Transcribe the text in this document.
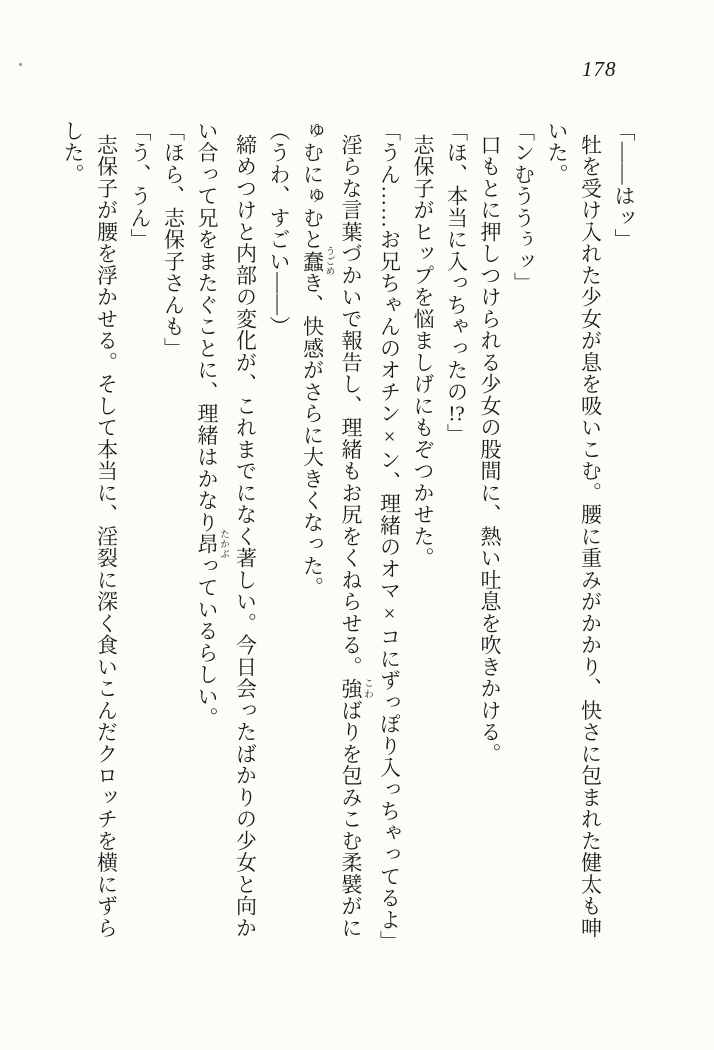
178

「——はッ」

牡を受け入れた少女が息を吸いこむ。腰に重みがかかり、快さに包まれた健太も呻

いた。

「ンむううぅッ」

口もとに押しつけられる少女の股間に、熱い吐息を吹きかける。

「ほ、本当に入っちゃったの!?」

志保子がヒップを悩ましげにもぞつかせた。

「うん……お兄ちゃんのオチン×ン、理緒のオマ×コにずっぽり入っちゃってるよ」

淫らな言葉づかいで報告し、理緒もお尻をくねらせる。強 こわばりを包みこむ柔襞がに

ゅむにゅむと蠢 うごめき、快感がさらに大きくなった。

（うわ、すごい——）

締めつけと内部の変化が、これまでになく著しい。今日会ったばかりの少女と向か

い合って兄をまたぐことに、理緒はかなり昂 たかぶっているらしい。

「ほら、志保子さんも」

「う、うん」

志保子が腰を浮かせる。そして本当に、淫裂に深く食いこんだクロッチを横にずら

した。
